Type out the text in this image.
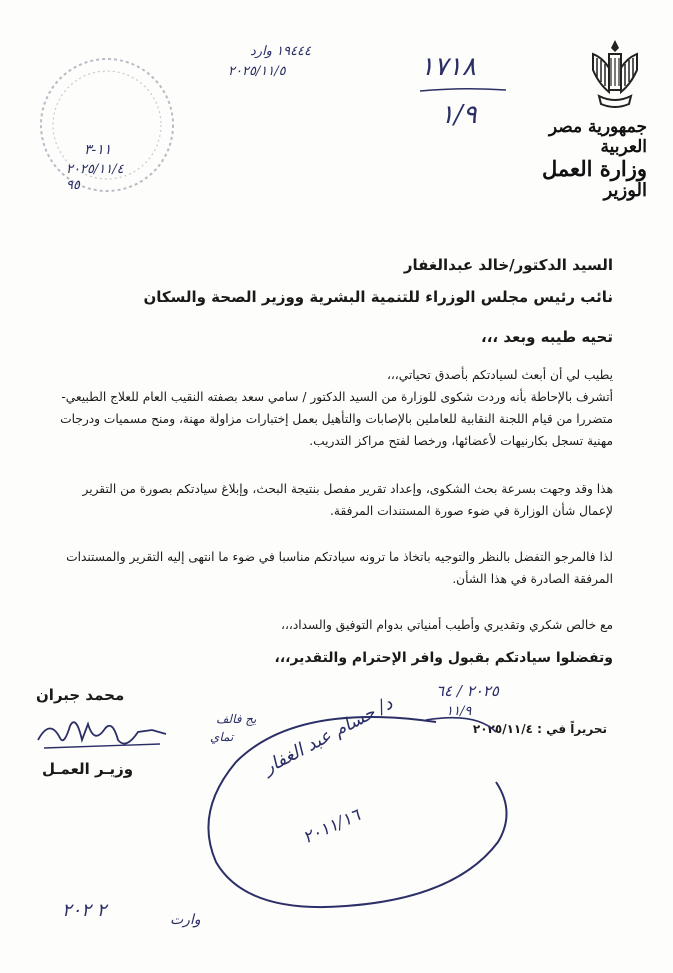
جمهورية مصر العربية
وزارة العمل
الوزير
١٧١٨
١/٩
١٩٤٤٤ وارد
٢٠٢٥/١١/٥
١١-٣
٢٠٢٥/١١/٤
٩٥
السيد الدكتور/خالد عبدالغفار
نائب رئيس مجلس الوزراء للتنمية البشرية ووزير الصحة والسكان
تحيه طيبه وبعد ،،،
يطيب لي أن أبعث لسيادتكم بأصدق تحياتي،،،
أتشرف بالإحاطة بأنه وردت شكوى للوزارة من السيد الدكتور / سامي سعد بصفته النقيب العام للعلاج الطبيعي- متضررا من قيام اللجنة النقابية للعاملين بالإصابات والتأهيل بعمل إختبارات مزاولة مهنة، ومنح مسميات ودرجات مهنية تسجل بكارنيهات لأعضائها، ورخصا لفتح مراكز التدريب.
هذا وقد وجهت بسرعة بحث الشكوى، وإعداد تقرير مفصل بنتيجة البحث، وإبلاغ سيادتكم بصورة من التقرير لإعمال شأن الوزارة في ضوء صورة المستندات المرفقة.
لذا فالمرجو التفضل بالنظر والتوجيه باتخاذ ما ترونه سيادتكم مناسبا في ضوء ما انتهى إليه التقرير والمستندات المرفقة الصادرة في هذا الشأن.
مع خالص شكري وتقديري وأطيب أمنياتي بدوام التوفيق والسداد،،،
وتفضلوا سيادتكم بقبول وافر الإحترام والتقدير،،،
٢٠٢٥ / ٦٤
١١/٩
تحريراً في : ٢٠٢٥/١١/٤
محمد جبران
وزيـر العمـل
يج فالف
تماي د/ حسام عبد الغفار
٢٠١١/١٦
٢ ٢٠٢	وارت
